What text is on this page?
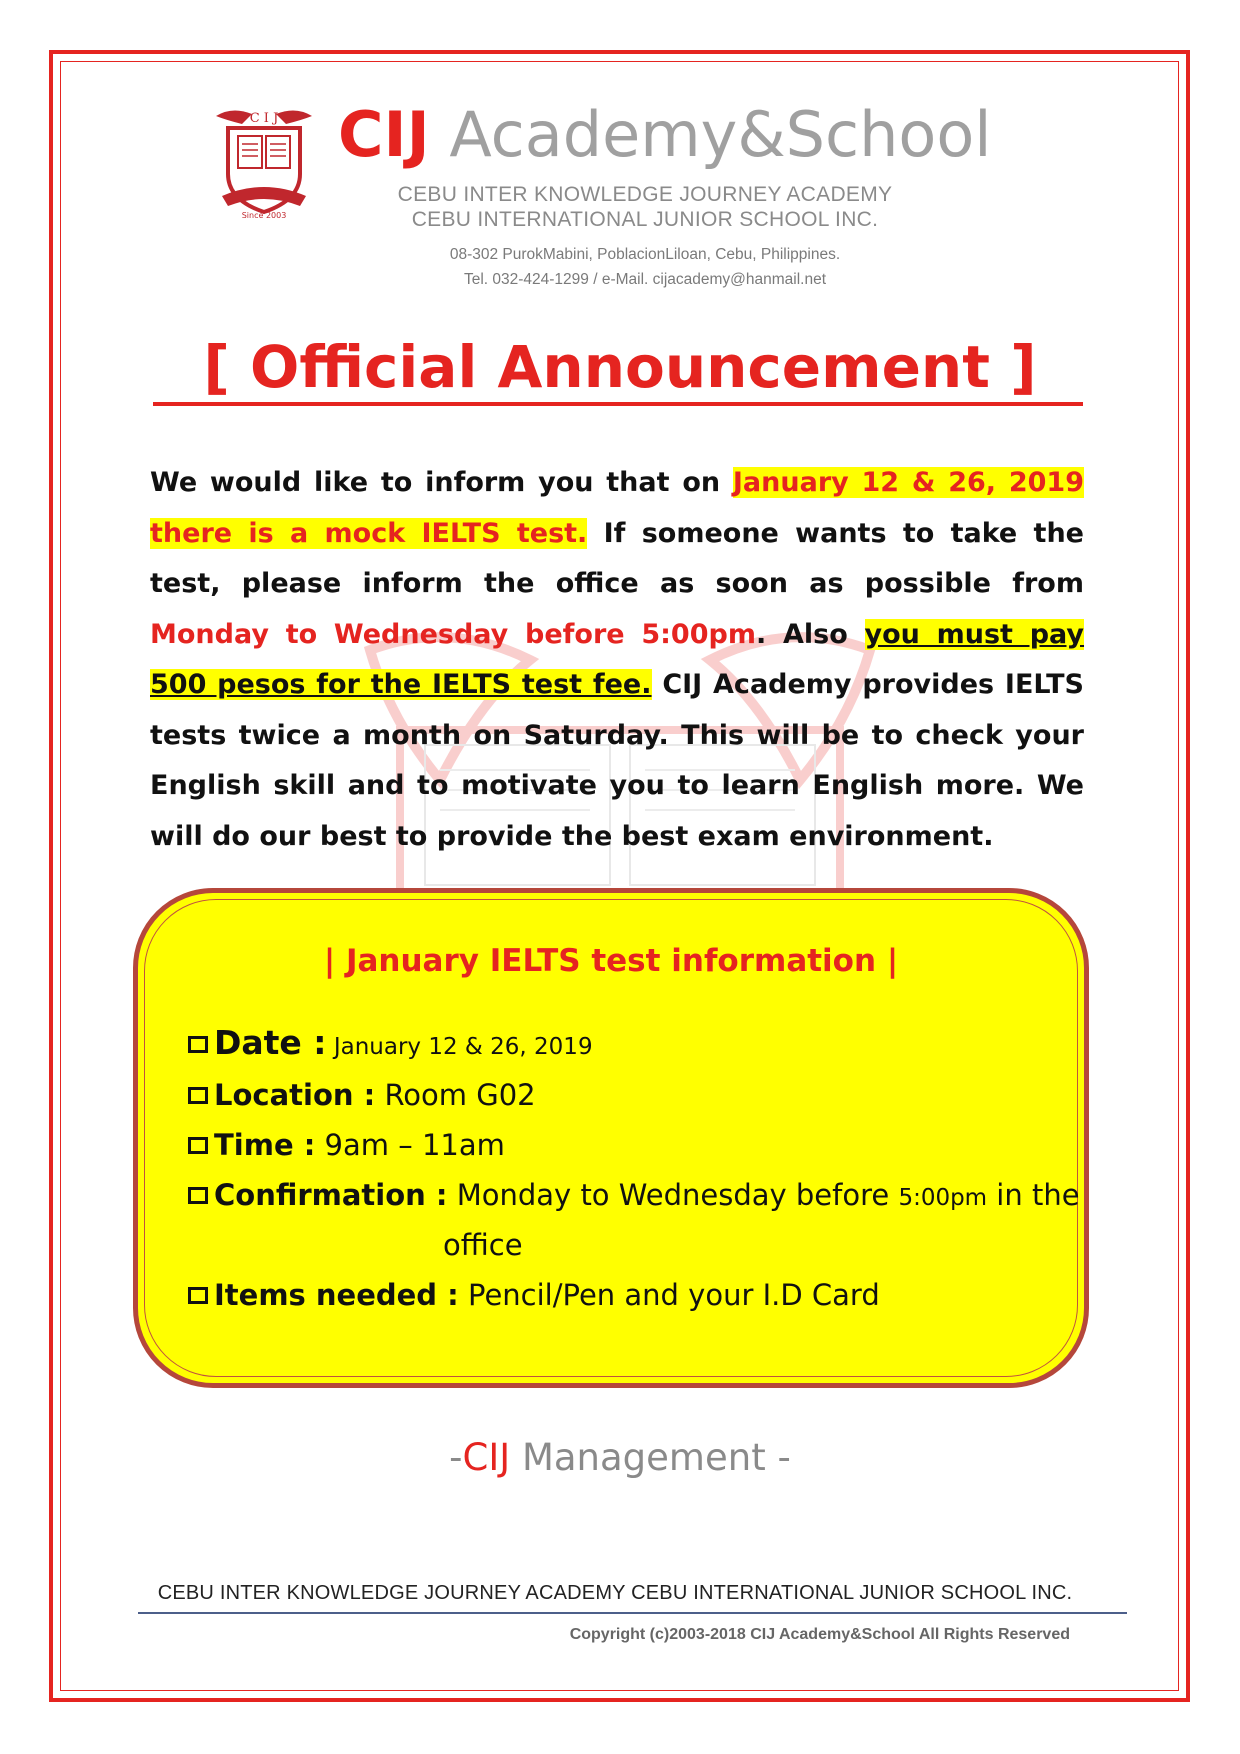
C I J
Since 2003
CIJ Academy&School
CEBU INTER KNOWLEDGE JOURNEY ACADEMY
CEBU INTERNATIONAL JUNIOR SCHOOL INC.
08-302 PurokMabini, PoblacionLiloan, Cebu, Philippines.
Tel. 032-424-1299 / e-Mail. cijacademy@hanmail.net
[ Official Announcement ]
We would like to inform you that on January 12 & 26, 2019 there is a mock IELTS test. If someone wants to take the test, please inform the office as soon as possible from Monday to Wednesday before 5:00pm. Also you must pay 500 pesos for the IELTS test fee. CIJ Academy provides IELTS tests twice a month on Saturday. This will be to check your English skill and to motivate you to learn English more. We will do our best to provide the best exam environment.
| January IELTS test information |
Date : January 12 & 26, 2019
Location : Room G02
Time : 9am – 11am
Confirmation : Monday to Wednesday before 5:00pm in the
office
Items needed : Pencil/Pen and your I.D Card
-CIJ Management -
CEBU INTER KNOWLEDGE JOURNEY ACADEMY CEBU INTERNATIONAL JUNIOR SCHOOL INC.
Copyright (c)2003-2018 CIJ Academy&School All Rights Reserved
